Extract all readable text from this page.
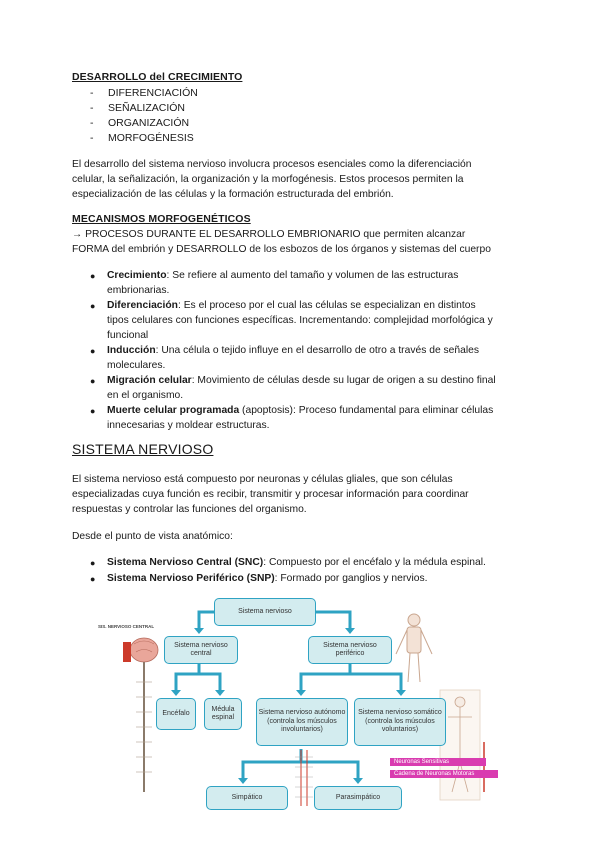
DESARROLLO del CRECIMIENTO
-	DIFERENCIACIÓN
-	SEÑALIZACIÓN
-	ORGANIZACIÓN
-	MORFOGÉNESIS
El desarrollo del sistema nervioso involucra procesos esenciales como la diferenciación
celular, la señalización, la organización y la morfogénesis. Estos procesos permiten la
especialización de las células y la formación estructurada del embrión.
MECANISMOS MORFOGENÉTICOS
→ PROCESOS DURANTE EL DESARROLLO EMBRIONARIO que permiten alcanzar
FORMA del embrión y DESARROLLO de los esbozos de los órganos y sistemas del cuerpo
●	Crecimiento: Se refiere al aumento del tamaño y volumen de las estructuras
embrionarias.
●	Diferenciación: Es el proceso por el cual las células se especializan en distintos
tipos celulares con funciones específicas. Incrementando: complejidad morfológica y
funcional
●	Inducción: Una célula o tejido influye en el desarrollo de otro a través de señales
moleculares.
●	Migración celular: Movimiento de células desde su lugar de origen a su destino final
en el organismo.
●	Muerte celular programada (apoptosis): Proceso fundamental para eliminar células
innecesarias y moldear estructuras.
SISTEMA NERVIOSO
El sistema nervioso está compuesto por neuronas y células gliales, que son células
especializadas cuya función es recibir, transmitir y procesar información para coordinar
respuestas y controlar las funciones del organismo.
Desde el punto de vista anatómico:
●	Sistema Nervioso Central (SNC): Compuesto por el encéfalo y la médula espinal.
●	Sistema Nervioso Periférico (SNP): Formado por ganglios y nervios.
SIS. NERVIOSO CENTRAL
Sistema nervioso
Sistema nervioso central
Sistema nervioso periférico
Encéfalo
Médula espinal
Sistema nervioso autónomo (controla los músculos involuntarios)
Sistema nervioso somático (controla los músculos voluntarios)
Simpático	Parasimpático
Neuronas Sensitivas
Cadena de Neuronas Motoras
